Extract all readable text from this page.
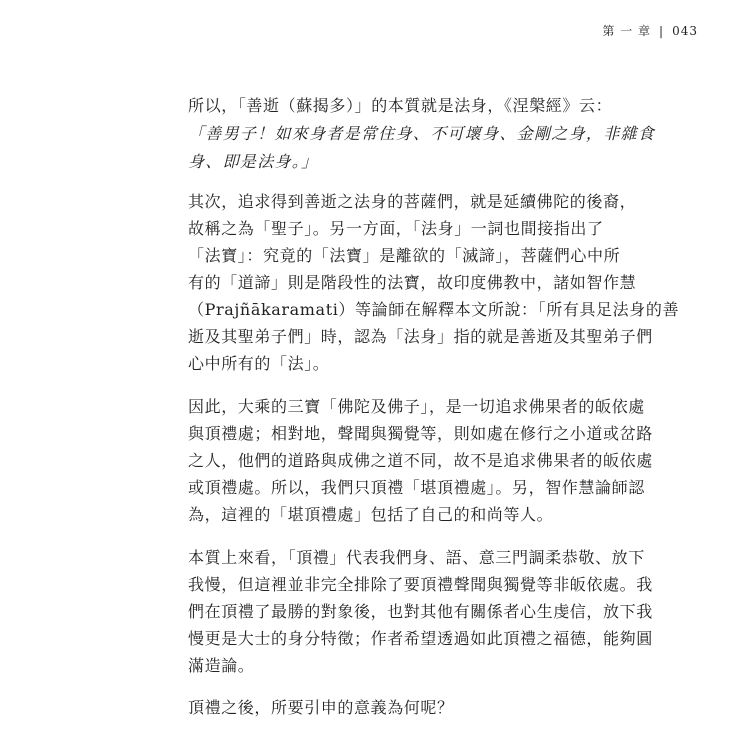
第 一 章 | 043
所以，「善逝（蘇揭多）」的本質就是法身，《涅槃經》云：
「善男子！如來身者是常住身、不可壞身、金剛之身，非雜食
身、即是法身。」
其次，追求得到善逝之法身的菩薩們，就是延續佛陀的後裔，
故稱之為「聖子」。另一方面，「法身」一詞也間接指出了
「法寶」：究竟的「法寶」是離欲的「滅諦」，菩薩們心中所
有的「道諦」則是階段性的法寶，故印度佛教中，諸如智作慧
（Prajñākaramati）等論師在解釋本文所說：「所有具足法身的善
逝及其聖弟子們」時，認為「法身」指的就是善逝及其聖弟子們
心中所有的「法」。
因此，大乘的三寶「佛陀及佛子」，是一切追求佛果者的皈依處
與頂禮處；相對地，聲聞與獨覺等，則如處在修行之小道或岔路
之人，他們的道路與成佛之道不同，故不是追求佛果者的皈依處
或頂禮處。所以，我們只頂禮「堪頂禮處」。另，智作慧論師認
為，這裡的「堪頂禮處」包括了自己的和尚等人。
本質上來看，「頂禮」代表我們身、語、意三門調柔恭敬、放下
我慢，但這裡並非完全排除了要頂禮聲聞與獨覺等非皈依處。我
們在頂禮了最勝的對象後，也對其他有關係者心生虔信，放下我
慢更是大士的身分特徵；作者希望透過如此頂禮之福德，能夠圓
滿造論。
頂禮之後，所要引申的意義為何呢？
